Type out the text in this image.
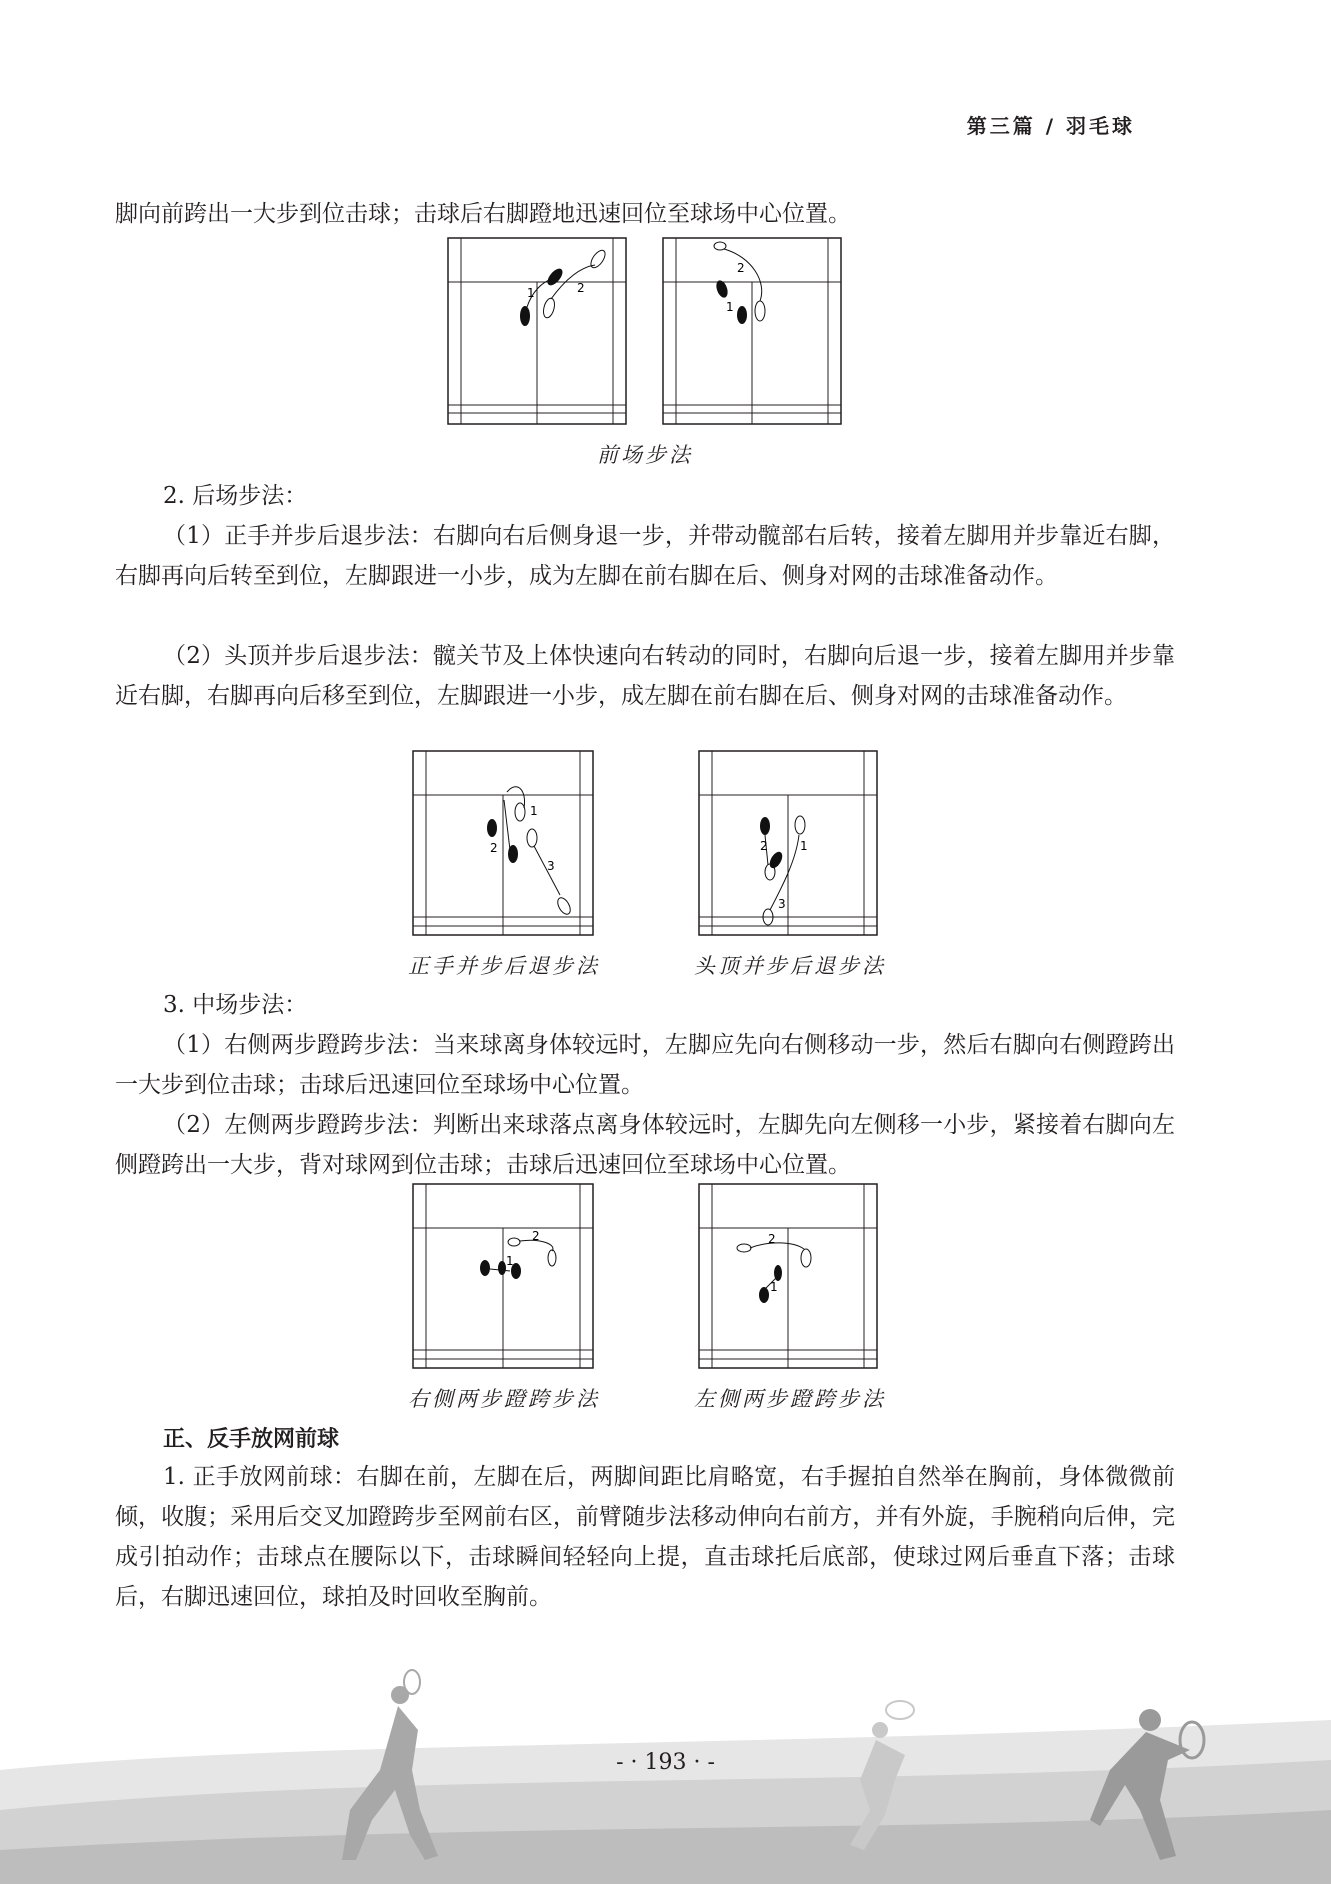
第三篇 / 羽毛球

脚向前跨出一大步到位击球；击球后右脚蹬地迅速回位至球场中心位置。

1	2
2
1
前场步法

2. 后场步法：

（1）正手并步后退步法：右脚向右后侧身退一步，并带动髋部右后转，接着左脚用并步靠近右脚，右脚再向后转至到位，左脚跟进一小步，成为左脚在前右脚在后、侧身对网的击球准备动作。

（2）头顶并步后退步法：髋关节及上体快速向右转动的同时，右脚向后退一步，接着左脚用并步靠近右脚，右脚再向后移至到位，左脚跟进一小步，成左脚在前右脚在后、侧身对网的击球准备动作。

1
2
3
2	1
3
正手并步后退步法	头顶并步后退步法

3. 中场步法：

（1）右侧两步蹬跨步法：当来球离身体较远时，左脚应先向右侧移动一步，然后右脚向右侧蹬跨出一大步到位击球；击球后迅速回位至球场中心位置。

（2）左侧两步蹬跨步法：判断出来球落点离身体较远时，左脚先向左侧移一小步，紧接着右脚向左侧蹬跨出一大步，背对球网到位击球；击球后迅速回位至球场中心位置。

2
1
2
1
右侧两步蹬跨步法	左侧两步蹬跨步法
正、反手放网前球

1. 正手放网前球：右脚在前，左脚在后，两脚间距比肩略宽，右手握拍自然举在胸前，身体微微前倾，收腹；采用后交叉加蹬跨步至网前右区，前臂随步法移动伸向右前方，并有外旋，手腕稍向后伸，完成引拍动作；击球点在腰际以下，击球瞬间轻轻向上提，直击球托后底部，使球过网后垂直下落；击球后，右脚迅速回位，球拍及时回收至胸前。

- · 193 · -
